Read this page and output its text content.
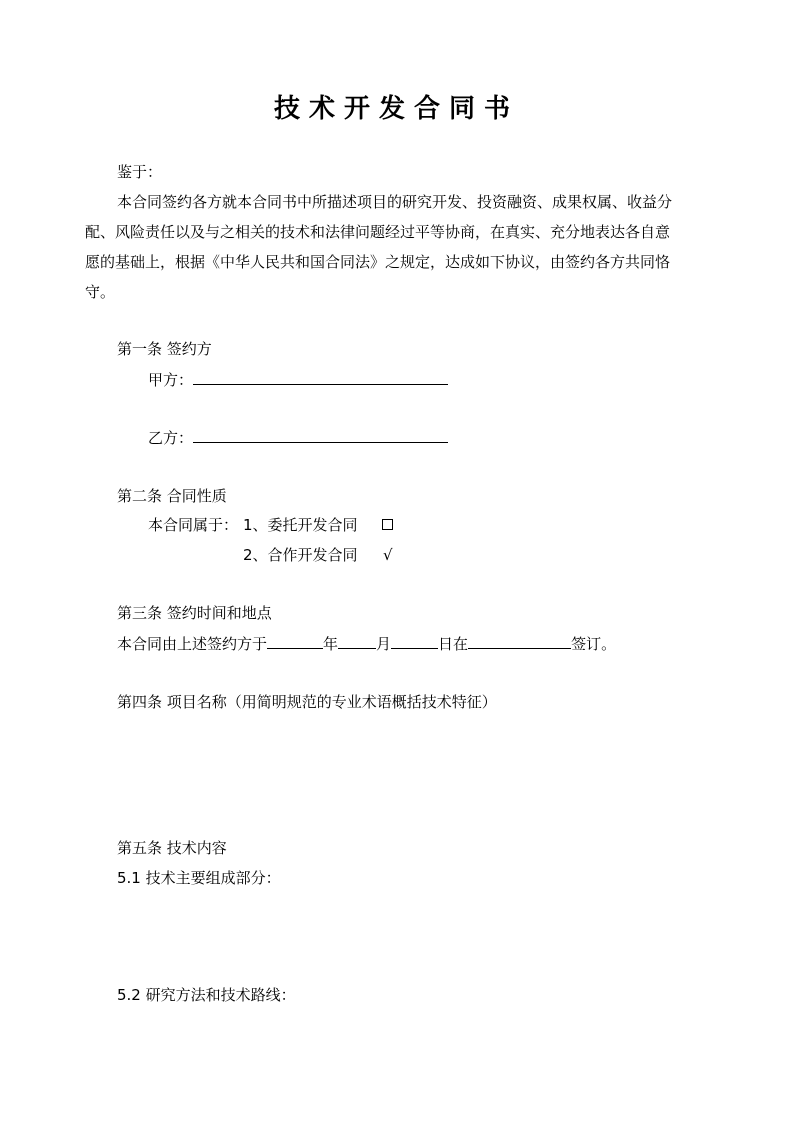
技术开发合同书
鉴于：
本合同签约各方就本合同书中所描述项目的研究开发、投资融资、成果权属、收益分
配、风险责任以及与之相关的技术和法律问题经过平等协商，在真实、充分地表达各自意
愿的基础上，根据《中华人民共和国合同法》之规定，达成如下协议，由签约各方共同恪
守。
第一条 签约方
甲方：
乙方：
第二条 合同性质
本合同属于： 1、委托开发合同
2、合作开发合同 √
第三条 签约时间和地点
本合同由上述签约方于	年	月	日在	签订。
第四条 项目名称（用简明规范的专业术语概括技术特征）
第五条 技术内容
5.1 技术主要组成部分：
5.2 研究方法和技术路线：
